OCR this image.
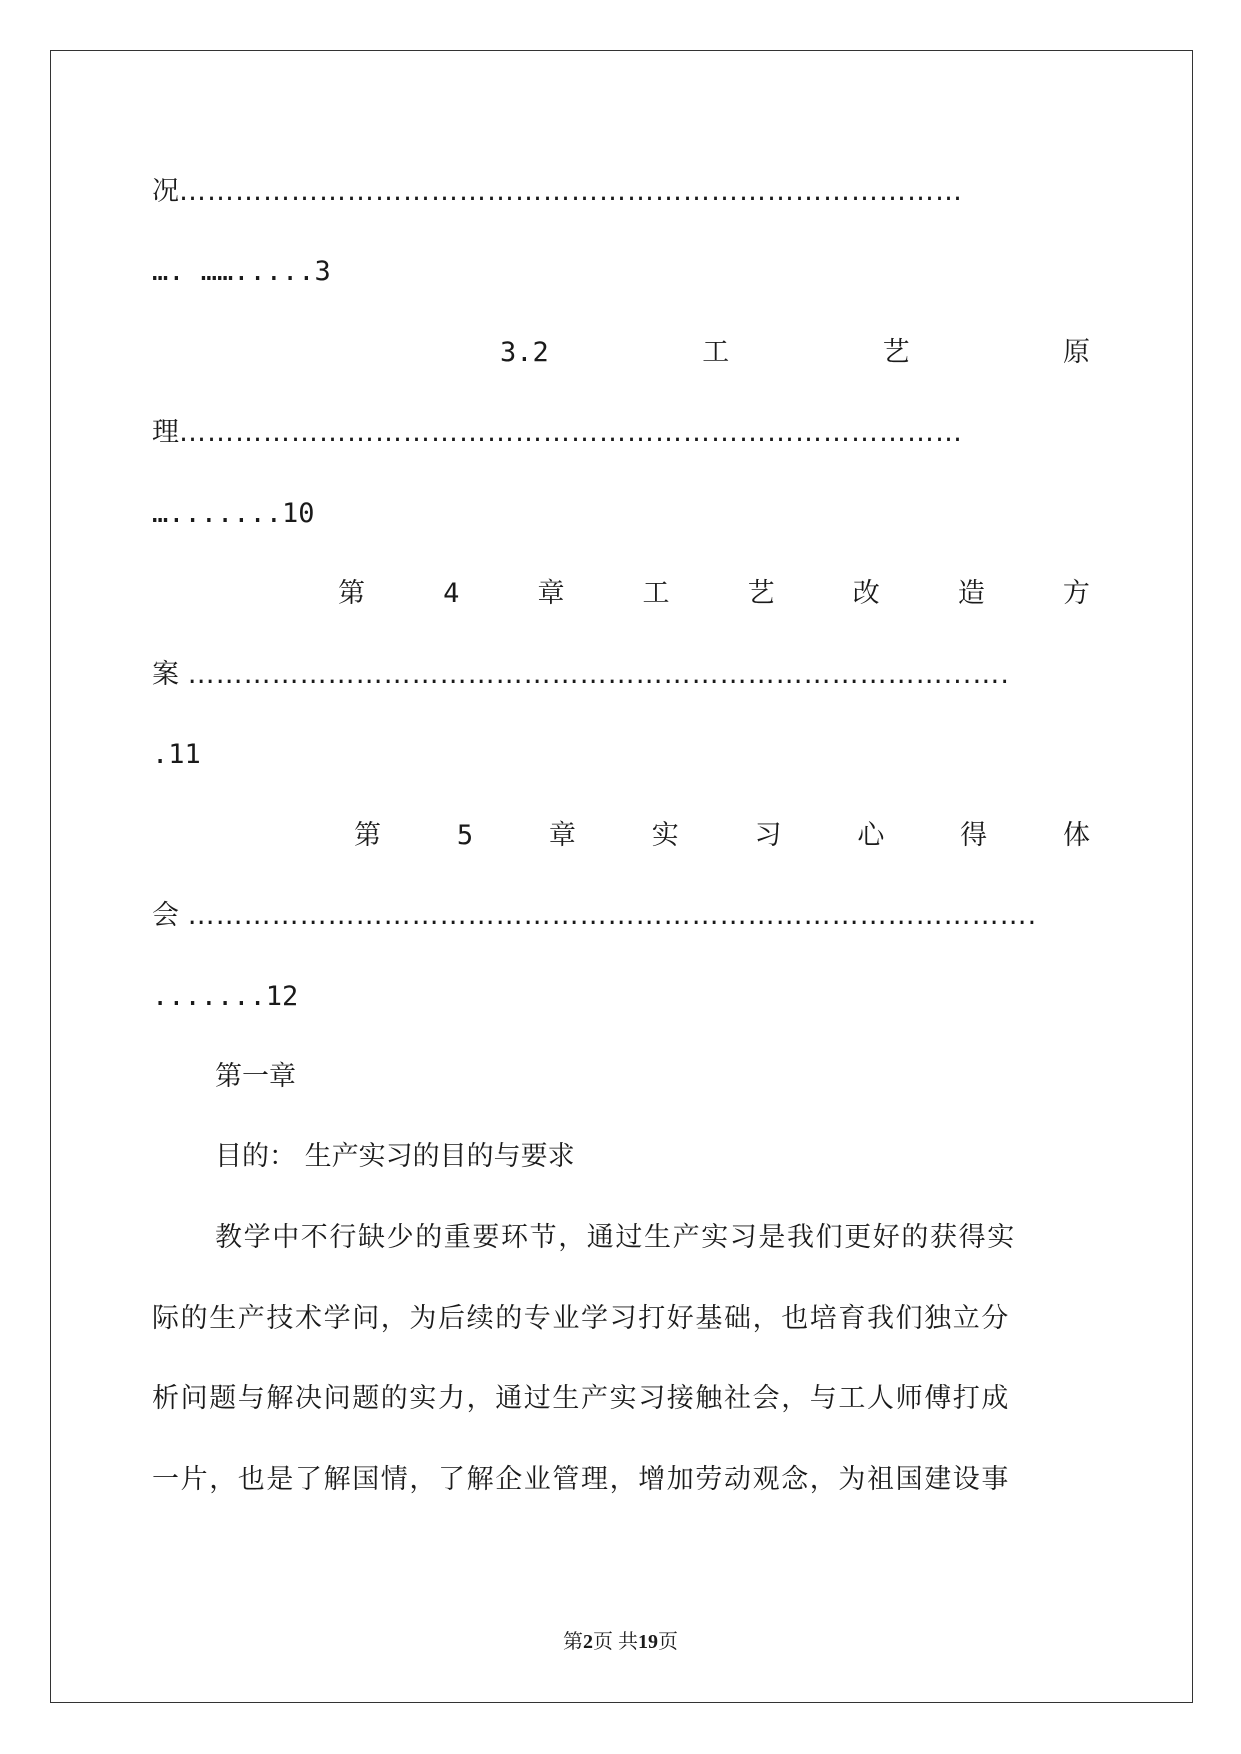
况…………………………………………………………………………
…. …….....3
3.2	工	艺	原
理…………………………………………………………………………
….......10
第	4	章	工	艺	改	造	方
案 ………………………………………………………………………...….
.11
第	5	章	实	习	心	得	体
会 ……………………………………………………………………………….
.......12
第一章
目的： 生产实习的目的与要求
教学中不行缺少的重要环节，通过生产实习是我们更好的获得实
际的生产技术学问，为后续的专业学习打好基础，也培育我们独立分
析问题与解决问题的实力，通过生产实习接触社会，与工人师傅打成
一片，也是了解国情，了解企业管理，增加劳动观念，为祖国建设事
第2页 共19页
